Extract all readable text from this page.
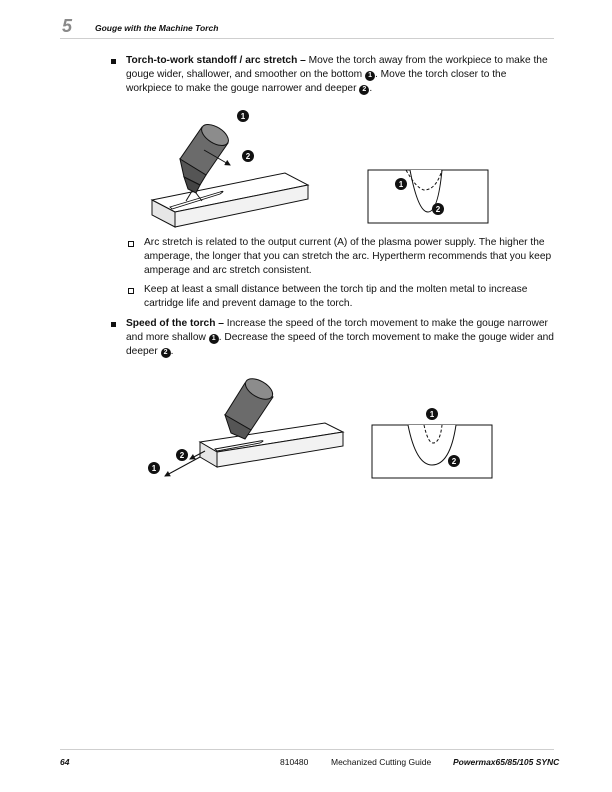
5	Gouge with the Machine Torch
Torch-to-work standoff / arc stretch – Move the torch away from the workpiece to make the gouge wider, shallower, and smoother on the bottom 1 . Move the torch closer to the workpiece to make the gouge narrower and deeper 2 .
1
2
1
2
Arc stretch is related to the output current (A) of the plasma power supply. The higher the amperage, the longer that you can stretch the arc. Hypertherm recommends that you keep amperage and arc stretch consistent.
Keep at least a small distance between the torch tip and the molten metal to increase cartridge life and prevent damage to the torch.
Speed of the torch – Increase the speed of the torch movement to make the gouge narrower and more shallow 1 . Decrease the speed of the torch movement to make the gouge wider and deeper 2 .
1
2
1
2
64	810480	Mechanized Cutting Guide	Powermax65/85/105 SYNC
